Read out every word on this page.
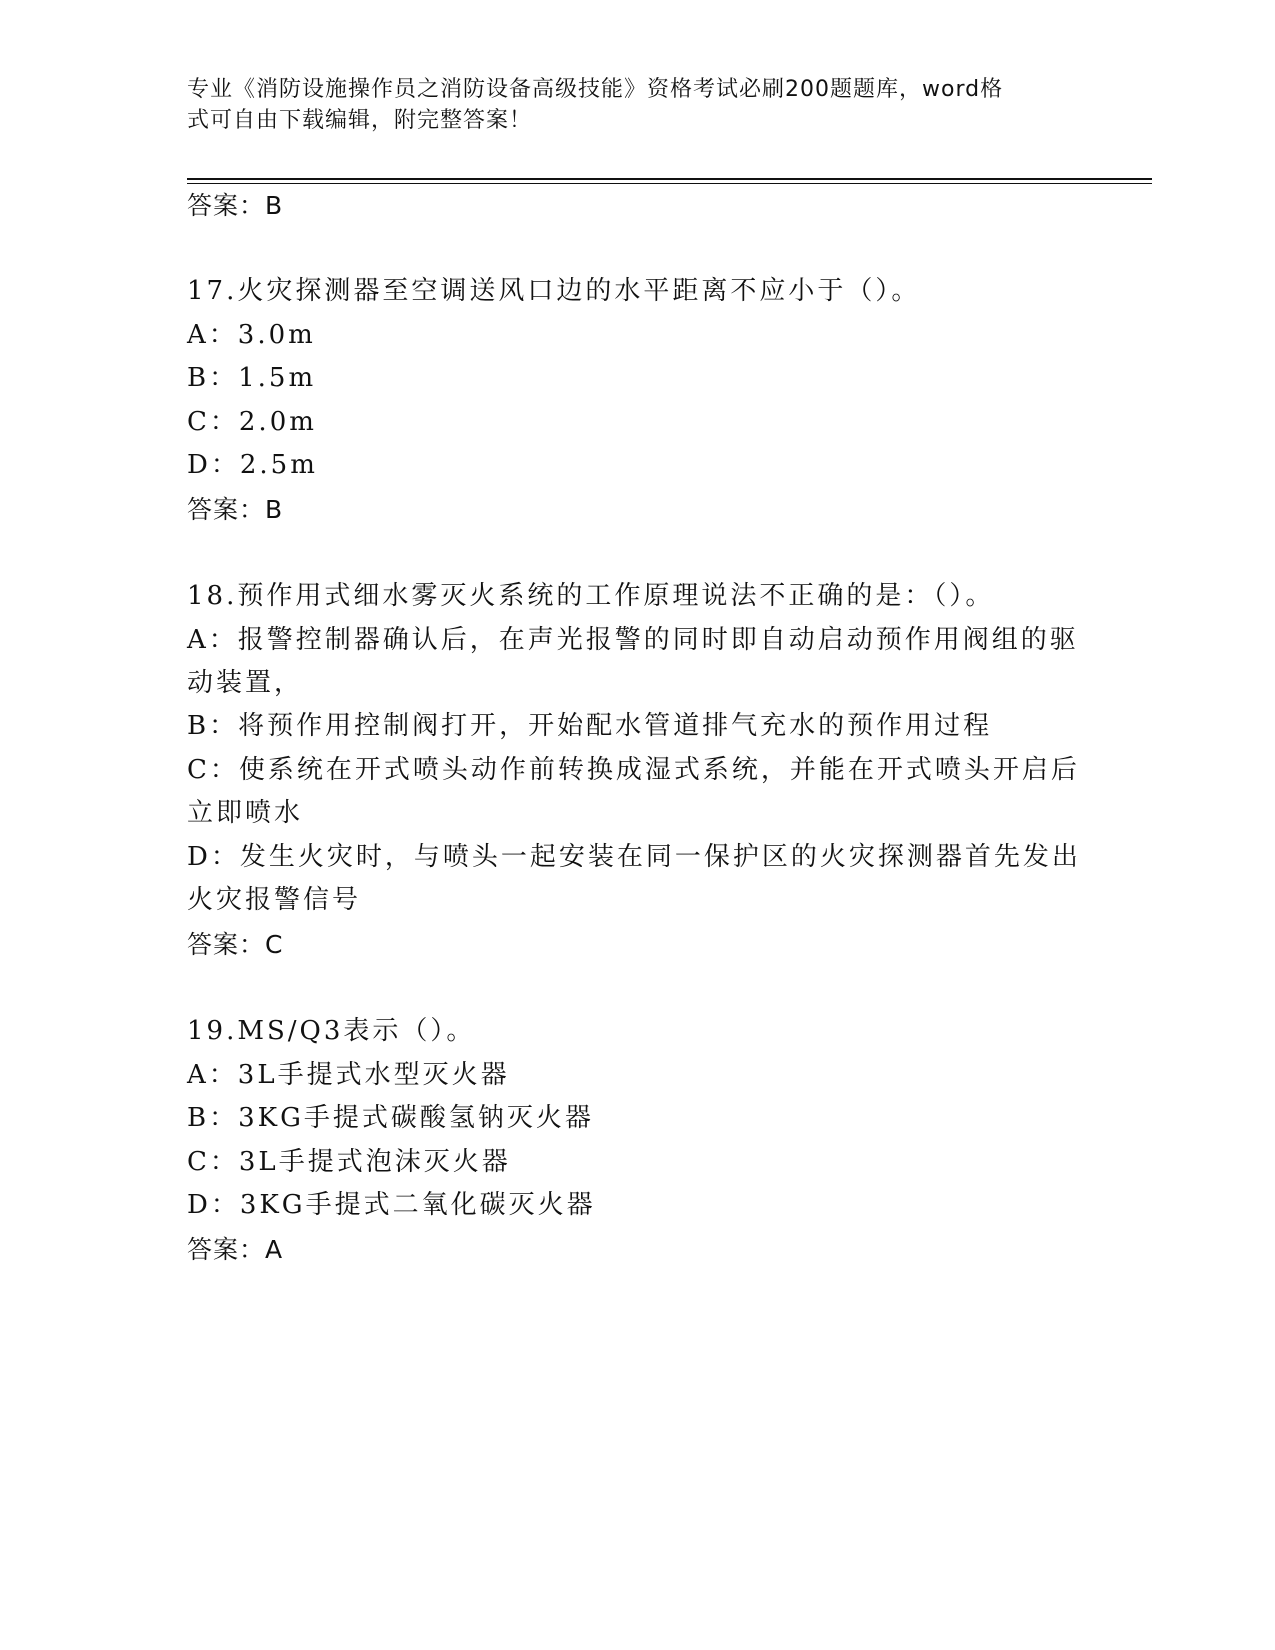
专业《消防设施操作员之消防设备高级技能》资格考试必刷200题题库，word格
式可自由下载编辑，附完整答案！
答案：B
17.火灾探测器至空调送风口边的水平距离不应小于（）。
A：3.0m
B：1.5m
C：2.0m
D：2.5m
答案：B
18.预作用式细水雾灭火系统的工作原理说法不正确的是：（）。
A：报警控制器确认后，在声光报警的同时即自动启动预作用阀组的驱
动装置，
B：将预作用控制阀打开，开始配水管道排气充水的预作用过程
C：使系统在开式喷头动作前转换成湿式系统，并能在开式喷头开启后
立即喷水
D：发生火灾时，与喷头一起安装在同一保护区的火灾探测器首先发出
火灾报警信号
答案：C
19.MS/Q3表示（）。
A：3L手提式水型灭火器
B：3KG手提式碳酸氢钠灭火器
C：3L手提式泡沫灭火器
D：3KG手提式二氧化碳灭火器
答案：A
